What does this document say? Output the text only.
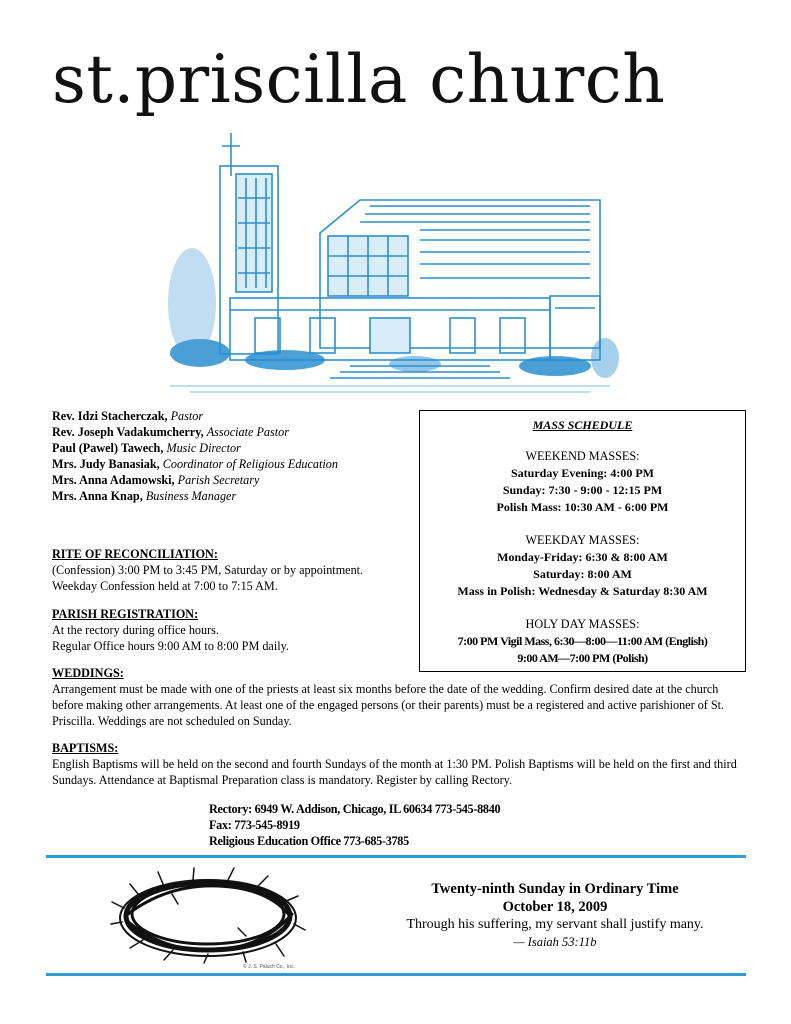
st.priscilla church
Rev. Idzi Stacherczak, Pastor
Rev. Joseph Vadakumcherry, Associate Pastor
Paul (Pawel) Tawech, Music Director
Mrs. Judy Banasiak, Coordinator of Religious Education
Mrs. Anna Adamowski, Parish Secretary
Mrs. Anna Knap, Business Manager
MASS SCHEDULE
WEEKEND MASSES:
Saturday Evening: 4:00 PM
Sunday: 7:30 - 9:00 - 12:15 PM
Polish Mass: 10:30 AM - 6:00 PM
WEEKDAY MASSES:
Monday-Friday: 6:30 & 8:00 AM
Saturday: 8:00 AM
Mass in Polish: Wednesday & Saturday 8:30 AM
HOLY DAY MASSES:
7:00 PM Vigil Mass, 6:30—8:00—11:00 AM (English)
9:00 AM—7:00 PM (Polish)
RITE OF RECONCILIATION:
(Confession) 3:00 PM to 3:45 PM, Saturday or by appointment.
Weekday Confession held at 7:00 to 7:15 AM.
PARISH REGISTRATION:
At the rectory during office hours.
Regular Office hours 9:00 AM to 8:00 PM daily.
WEDDINGS:
Arrangement must be made with one of the priests at least six months before the date of the wedding. Confirm desired date at the church before making other arrangements. At least one of the engaged persons (or their parents) must be a registered and active parishioner of St. Priscilla. Weddings are not scheduled on Sunday.
BAPTISMS:
English Baptisms will be held on the second and fourth Sundays of the month at 1:30 PM. Polish Baptisms will be held on the first and third Sundays. Attendance at Baptismal Preparation class is mandatory. Register by calling Rectory.
Rectory: 6949 W. Addison, Chicago, IL 60634 773-545-8840
Fax: 773-545-8919
Religious Education Office 773-685-3785
© J. S. Paluch Co., Inc.
Twenty-ninth Sunday in Ordinary Time
October 18, 2009
Through his suffering, my servant shall justify many.
— Isaiah 53:11b
